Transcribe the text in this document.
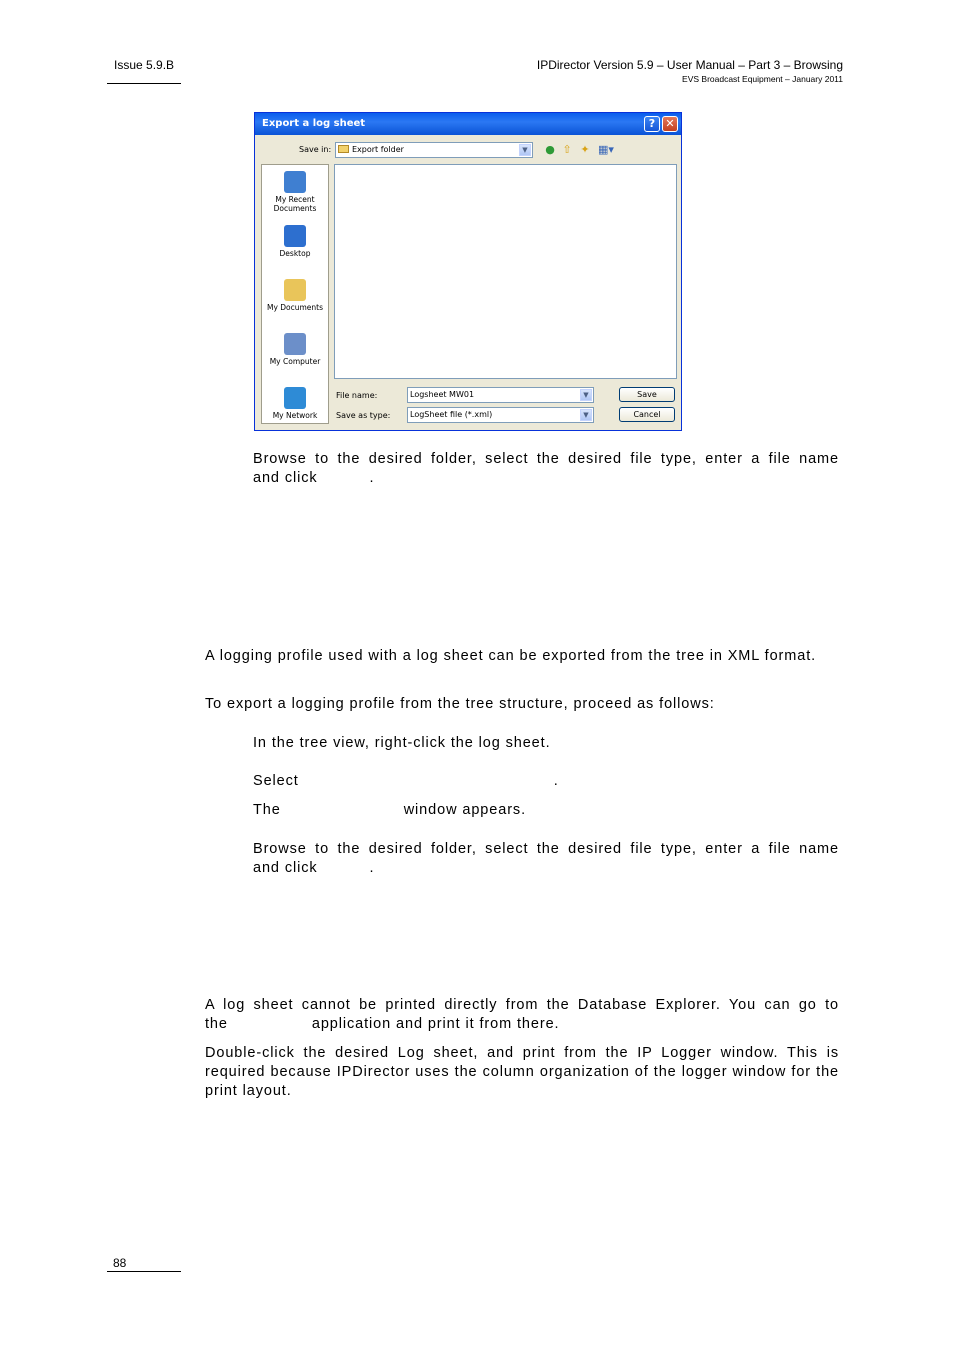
Issue 5.9.B	IPDirector Version 5.9 – User Manual – Part 3 – Browsing
EVS Broadcast Equipment – January 2011
Export a log sheet	? ✕
Save in:	Export folder	▼	● ⇧ ✦ ▦▾
My Recent Documents
Desktop
My Documents
My Computer
My Network
File name:	Logsheet MW01	▼	Save
Save as type: LogSheet file (*.xml)	▼	Cancel
Browse to the desired folder, select the desired file type, enter a file name
and click	.
A logging profile used with a log sheet can be exported from the tree in XML format.
To export a logging profile from the tree structure, proceed as follows:
In the tree view, right-click the log sheet.
Select	.
The	window appears.
Browse to the desired folder, select the desired file type, enter a file name
and click	.
A log sheet cannot be printed directly from the Database Explorer. You can go to
the	application and print it from there.
Double-click the desired Log sheet, and print from the IP Logger window. This is required because IPDirector uses the column organization of the logger window for the print layout.
88
